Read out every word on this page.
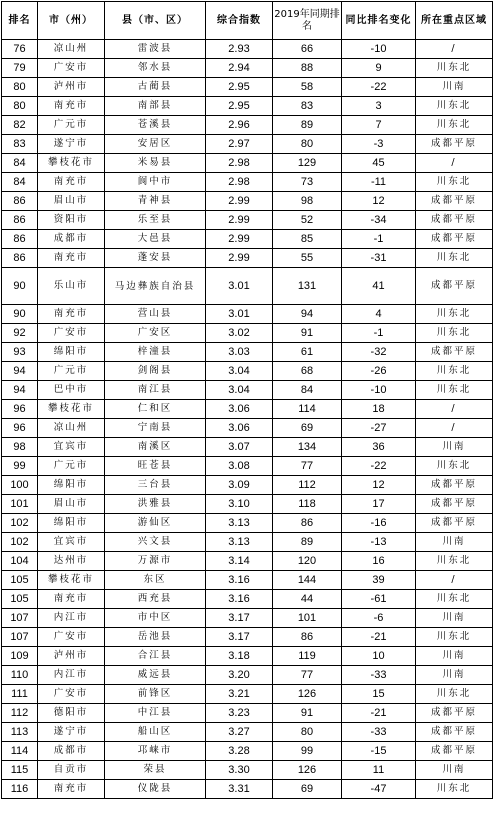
排名	市（州）	县（市、区）	综合指数	2019年同期排名	同比排名变化	所在重点区域
76	凉山州	雷波县	2.93	66	-10	/
79	广安市	邻水县	2.94	88	9	川东北
80	泸州市	古蔺县	2.95	58	-22	川南
80	南充市	南部县	2.95	83	3	川东北
82	广元市	苍溪县	2.96	89	7	川东北
83	遂宁市	安居区	2.97	80	-3	成都平原
84	攀枝花市	米易县	2.98	129	45	/
84	南充市	阆中市	2.98	73	-11	川东北
86	眉山市	青神县	2.99	98	12	成都平原
86	资阳市	乐至县	2.99	52	-34	成都平原
86	成都市	大邑县	2.99	85	-1	成都平原
86	南充市	蓬安县	2.99	55	-31	川东北
90	乐山市	马边彝族自治县	3.01	131	41	成都平原
90	南充市	营山县	3.01	94	4	川东北
92	广安市	广安区	3.02	91	-1	川东北
93	绵阳市	梓潼县	3.03	61	-32	成都平原
94	广元市	剑阁县	3.04	68	-26	川东北
94	巴中市	南江县	3.04	84	-10	川东北
96	攀枝花市	仁和区	3.06	114	18	/
96	凉山州	宁南县	3.06	69	-27	/
98	宜宾市	南溪区	3.07	134	36	川南
99	广元市	旺苍县	3.08	77	-22	川东北
100	绵阳市	三台县	3.09	112	12	成都平原
101	眉山市	洪雅县	3.10	118	17	成都平原
102	绵阳市	游仙区	3.13	86	-16	成都平原
102	宜宾市	兴文县	3.13	89	-13	川南
104	达州市	万源市	3.14	120	16	川东北
105	攀枝花市	东区	3.16	144	39	/
105	南充市	西充县	3.16	44	-61	川东北
107	内江市	市中区	3.17	101	-6	川南
107	广安市	岳池县	3.17	86	-21	川东北
109	泸州市	合江县	3.18	119	10	川南
110	内江市	威远县	3.20	77	-33	川南
111	广安市	前锋区	3.21	126	15	川东北
112	德阳市	中江县	3.23	91	-21	成都平原
113	遂宁市	船山区	3.27	80	-33	成都平原
114	成都市	邛崃市	3.28	99	-15	成都平原
115	自贡市	荣县	3.30	126	11	川南
116	南充市	仪陇县	3.31	69	-47	川东北
